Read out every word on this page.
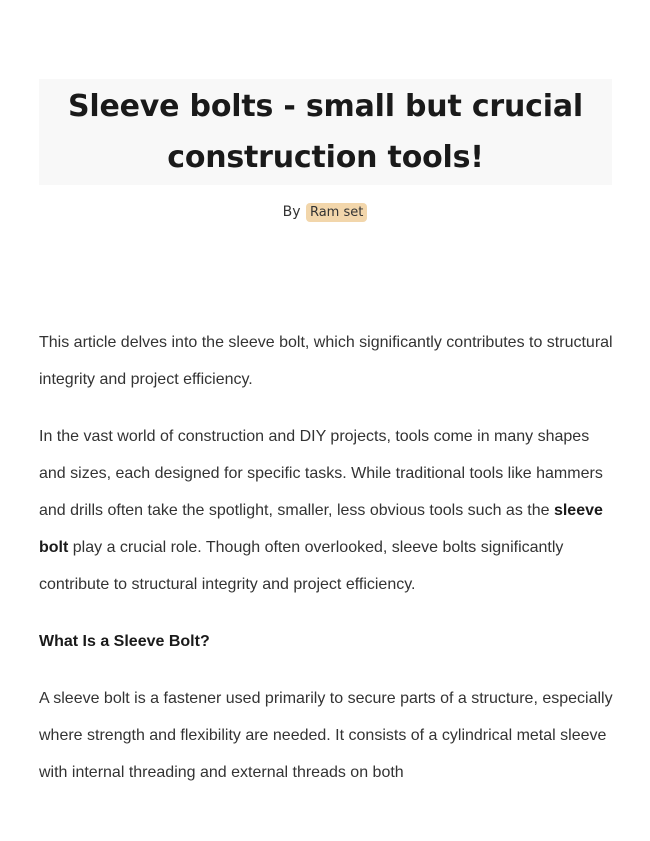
Sleeve bolts - small but crucial
construction tools!
By Ram set

This article delves into the sleeve bolt, which significantly contributes to structural integrity and project efficiency.

In the vast world of construction and DIY projects, tools come in many shapes and sizes, each designed for specific tasks. While traditional tools like hammers and drills often take the spotlight, smaller, less obvious tools such as the sleeve bolt play a crucial role. Though often overlooked, sleeve bolts significantly contribute to structural integrity and project efficiency.

What Is a Sleeve Bolt?

A sleeve bolt is a fastener used primarily to secure parts of a structure, especially where strength and flexibility are needed. It consists of a cylindrical metal sleeve with internal threading and external threads on both
